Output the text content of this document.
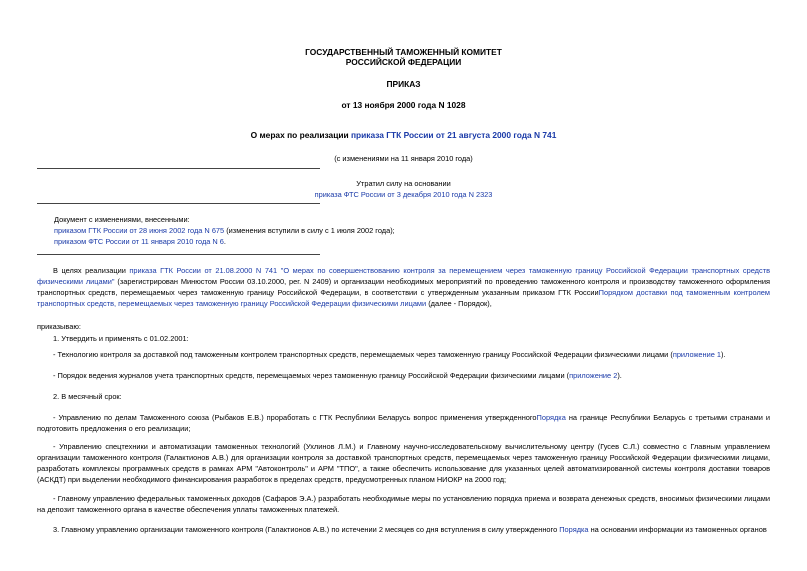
ГОСУДАРСТВЕННЫЙ ТАМОЖЕННЫЙ КОМИТЕТ
РОССИЙСКОЙ ФЕДЕРАЦИИ
ПРИКАЗ
от 13 ноября 2000 года N 1028
О мерах по реализации приказа ГТК России от 21 августа 2000 года N 741
(с изменениями на 11 января 2010 года)
Утратил силу на основании
приказа ФТС России от 3 декабря 2010 года N 2323

Документ с изменениями, внесенными:

приказом ГТК России от 28 июня 2002 года N 675 (изменения вступили в силу с 1 июля 2002 года);

приказом ФТС России от 11 января 2010 года N 6.

В целях реализации приказа ГТК России от 21.08.2000 N 741 "О мерах по совершенствованию контроля за перемещением через таможенную границу Российской Федерации транспортных средств физическими лицами" (зарегистрирован Минюстом России 03.10.2000, рег. N 2409) и организации необходимых мероприятий по проведению таможенного контроля и производству таможенного оформления транспортных средств, перемещаемых через таможенную границу Российской Федерации, в соответствии с утвержденным указанным приказом ГТК РоссииПорядком доставки под таможенным контролем транспортных средств, перемещаемых через таможенную границу Российской Федерации физическими лицами (далее - Порядок),
приказываю:
1. Утвердить и применять с 01.02.2001:
- Технологию контроля за доставкой под таможенным контролем транспортных средств, перемещаемых через таможенную границу Российской Федерации физическими лицами (приложение 1).
- Порядок ведения журналов учета транспортных средств, перемещаемых через таможенную границу Российской Федерации физическими лицами (приложение 2).
2. В месячный срок:
- Управлению по делам Таможенного союза (Рыбаков Е.В.) проработать с ГТК Республики Беларусь вопрос применения утвержденногоПорядка на границе Республики Беларусь с третьими странами и подготовить предложения о его реализации;
- Управлению спецтехники и автоматизации таможенных технологий (Ухлинов Л.М.) и Главному научно-исследовательскому вычислительному центру (Гусев С.Л.) совместно с Главным управлением организации таможенного контроля (Галактионов А.В.) для организации контроля за доставкой транспортных средств, перемещаемых через таможенную границу Российской Федерации физическими лицами, разработать комплексы программных средств в рамках АРМ "Автоконтроль" и АРМ "ТПО", а также обеспечить использование для указанных целей автоматизированной системы контроля доставки товаров (АСКДТ) при выделении необходимого финансирования разработок в пределах средств, предусмотренных планом НИОКР на 2000 год;
- Главному управлению федеральных таможенных доходов (Сафаров Э.А.) разработать необходимые меры по установлению порядка приема и возврата денежных средств, вносимых физическими лицами на депозит таможенного органа в качестве обеспечения уплаты таможенных платежей.
3. Главному управлению организации таможенного контроля (Галактионов А.В.) по истечении 2 месяцев со дня вступления в силу утвержденного Порядка на основании информации из таможенных органов
